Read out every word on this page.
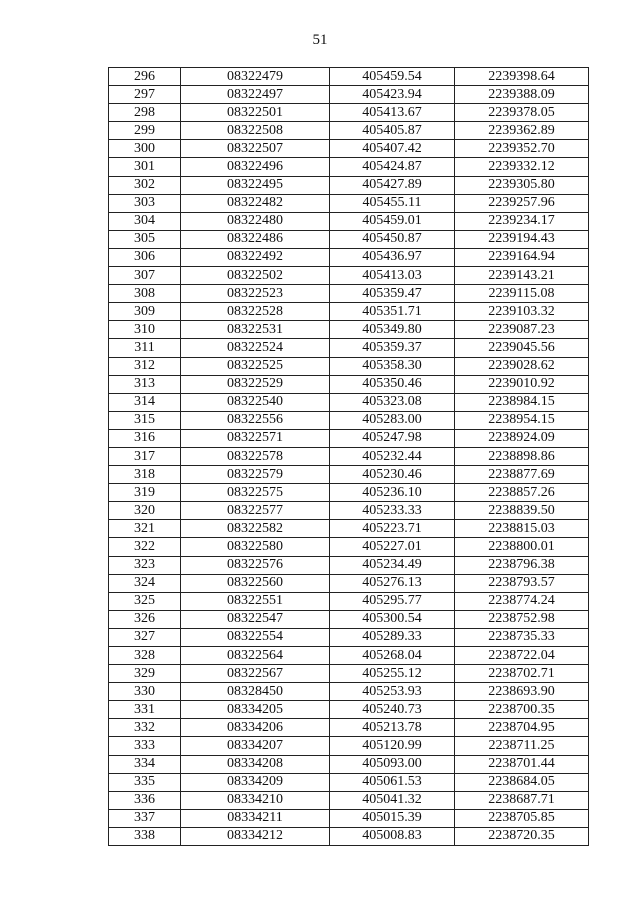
51
296	08322479	405459.54	2239398.64
297	08322497	405423.94	2239388.09
298	08322501	405413.67	2239378.05
299	08322508	405405.87	2239362.89
300	08322507	405407.42	2239352.70
301	08322496	405424.87	2239332.12
302	08322495	405427.89	2239305.80
303	08322482	405455.11	2239257.96
304	08322480	405459.01	2239234.17
305	08322486	405450.87	2239194.43
306	08322492	405436.97	2239164.94
307	08322502	405413.03	2239143.21
308	08322523	405359.47	2239115.08
309	08322528	405351.71	2239103.32
310	08322531	405349.80	2239087.23
311	08322524	405359.37	2239045.56
312	08322525	405358.30	2239028.62
313	08322529	405350.46	2239010.92
314	08322540	405323.08	2238984.15
315	08322556	405283.00	2238954.15
316	08322571	405247.98	2238924.09
317	08322578	405232.44	2238898.86
318	08322579	405230.46	2238877.69
319	08322575	405236.10	2238857.26
320	08322577	405233.33	2238839.50
321	08322582	405223.71	2238815.03
322	08322580	405227.01	2238800.01
323	08322576	405234.49	2238796.38
324	08322560	405276.13	2238793.57
325	08322551	405295.77	2238774.24
326	08322547	405300.54	2238752.98
327	08322554	405289.33	2238735.33
328	08322564	405268.04	2238722.04
329	08322567	405255.12	2238702.71
330	08328450	405253.93	2238693.90
331	08334205	405240.73	2238700.35
332	08334206	405213.78	2238704.95
333	08334207	405120.99	2238711.25
334	08334208	405093.00	2238701.44
335	08334209	405061.53	2238684.05
336	08334210	405041.32	2238687.71
337	08334211	405015.39	2238705.85
338	08334212	405008.83	2238720.35
